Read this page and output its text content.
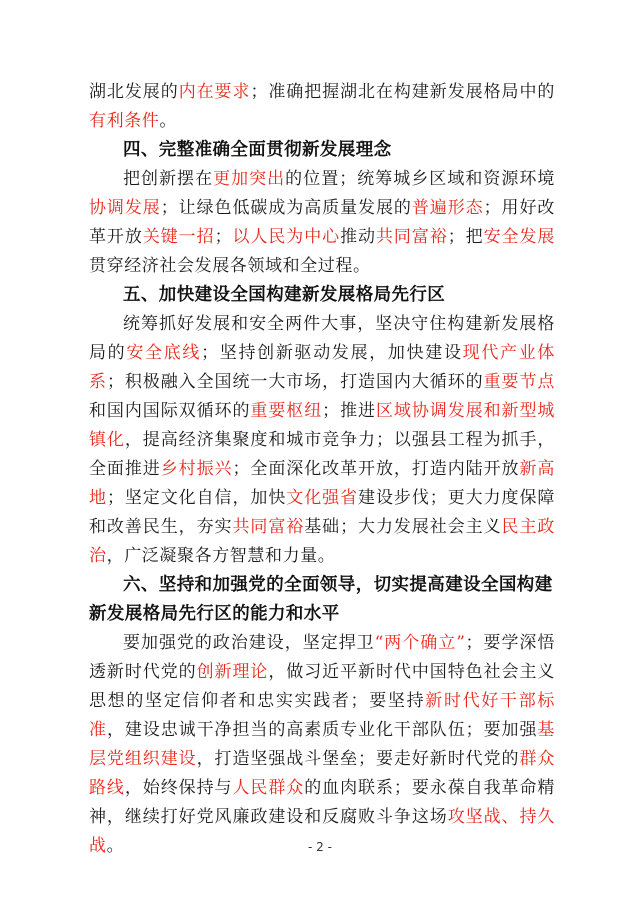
湖北发展的内在要求；准确把握湖北在构建新发展格局中的有利条件。

四、完整准确全面贯彻新发展理念

把创新摆在更加突出的位置；统筹城乡区域和资源环境协调发展；让绿色低碳成为高质量发展的普遍形态；用好改革开放关键一招；以人民为中心推动共同富裕；把安全发展贯穿经济社会发展各领域和全过程。

五、加快建设全国构建新发展格局先行区

统筹抓好发展和安全两件大事，坚决守住构建新发展格局的安全底线；坚持创新驱动发展，加快建设现代产业体系；积极融入全国统一大市场，打造国内大循环的重要节点和国内国际双循环的重要枢纽；推进区域协调发展和新型城镇化，提高经济集聚度和城市竞争力；以强县工程为抓手，全面推进乡村振兴；全面深化改革开放，打造内陆开放新高地；坚定文化自信，加快文化强省建设步伐；更大力度保障和改善民生，夯实共同富裕基础；大力发展社会主义民主政治，广泛凝聚各方智慧和力量。

六、坚持和加强党的全面领导，切实提高建设全国构建新发展格局先行区的能力和水平

要加强党的政治建设，坚定捍卫“两个确立”；要学深悟透新时代党的创新理论，做习近平新时代中国特色社会主义思想的坚定信仰者和忠实实践者；要坚持新时代好干部标准，建设忠诚干净担当的高素质专业化干部队伍；要加强基层党组织建设，打造坚强战斗堡垒；要走好新时代党的群众路线，始终保持与人民群众的血肉联系；要永葆自我革命精神，继续打好党风廉政建设和反腐败斗争这场攻坚战、持久战。	- 2 -
